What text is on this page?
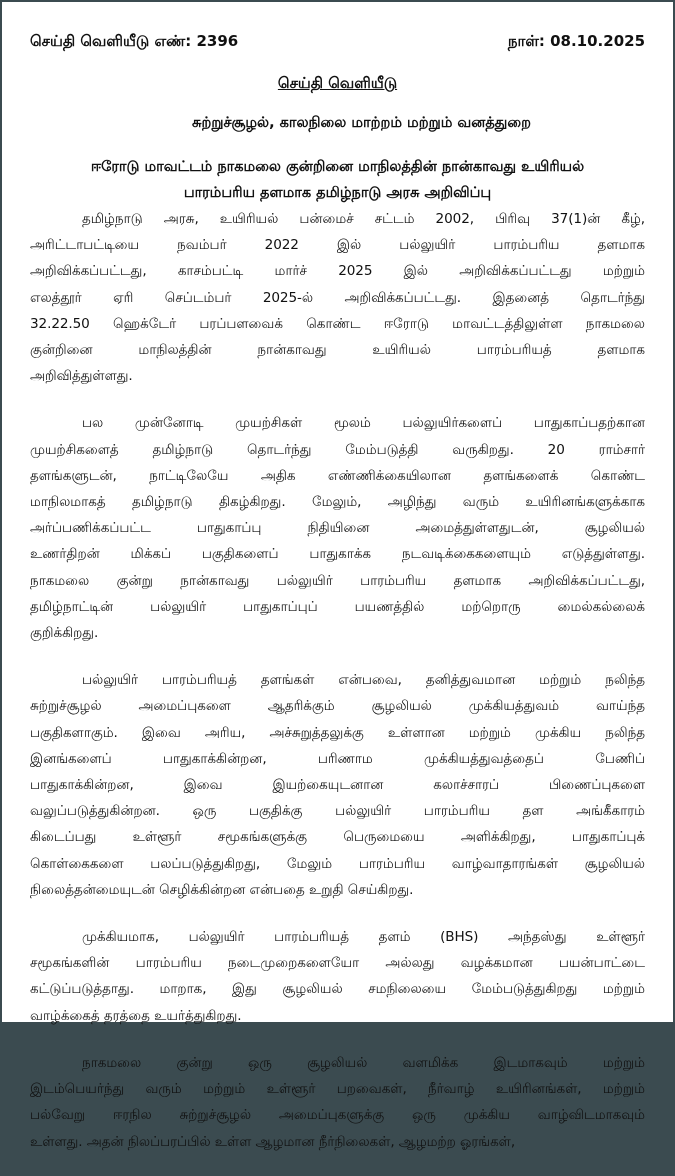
செய்தி வெளியீடு எண்: 2396	நாள்: 08.10.2025
செய்தி வெளியீடு
சுற்றுச்சூழல், காலநிலை மாற்றம் மற்றும் வனத்துறை
ஈரோடு மாவட்டம் நாகமலை குன்றினை மாநிலத்தின் நான்காவது உயிரியல்
பாரம்பரிய தளமாக தமிழ்நாடு அரசு அறிவிப்பு
தமிழ்நாடு அரசு, உயிரியல் பன்மைச் சட்டம் 2002, பிரிவு 37(1)ன் கீழ்,
அரிட்டாபட்டியை நவம்பர் 2022 இல் பல்லுயிர் பாரம்பரிய தளமாக
அறிவிக்கப்பட்டது, காசம்பட்டி மார்ச் 2025 இல் அறிவிக்கப்பட்டது மற்றும்
எலத்தூர் ஏரி செப்டம்பர் 2025-ல் அறிவிக்கப்பட்டது. இதனைத் தொடர்ந்து
32.22.50 ஹெக்டேர் பரப்பளவைக் கொண்ட ஈரோடு மாவட்டத்திலுள்ள நாகமலை
குன்றினை மாநிலத்தின் நான்காவது உயிரியல் பாரம்பரியத் தளமாக
அறிவித்துள்ளது.
பல முன்னோடி முயற்சிகள் மூலம் பல்லுயிர்களைப் பாதுகாப்பதற்கான
முயற்சிகளைத் தமிழ்நாடு தொடர்ந்து மேம்படுத்தி வருகிறது. 20 ராம்சார்
தளங்களுடன், நாட்டிலேயே அதிக எண்ணிக்கையிலான தளங்களைக் கொண்ட
மாநிலமாகத் தமிழ்நாடு திகழ்கிறது. மேலும், அழிந்து வரும் உயிரினங்களுக்காக
அர்ப்பணிக்கப்பட்ட பாதுகாப்பு நிதியினை அமைத்துள்ளதுடன், சூழலியல்
உணர்திறன் மிக்கப் பகுதிகளைப் பாதுகாக்க நடவடிக்கைகளையும் எடுத்துள்ளது.
நாகமலை குன்று நான்காவது பல்லுயிர் பாரம்பரிய தளமாக அறிவிக்கப்பட்டது,
தமிழ்நாட்டின் பல்லுயிர் பாதுகாப்புப் பயணத்தில் மற்றொரு மைல்கல்லைக்
குறிக்கிறது.
பல்லுயிர் பாரம்பரியத் தளங்கள் என்பவை, தனித்துவமான மற்றும் நலிந்த
சுற்றுச்சூழல் அமைப்புகளை ஆதரிக்கும் சூழலியல் முக்கியத்துவம் வாய்ந்த
பகுதிகளாகும். இவை அரிய, அச்சுறுத்தலுக்கு உள்ளான மற்றும் முக்கிய நலிந்த
இனங்களைப் பாதுகாக்கின்றன, பரிணாம முக்கியத்துவத்தைப் பேணிப்
பாதுகாக்கின்றன, இவை இயற்கையுடனான கலாச்சாரப் பிணைப்புகளை
வலுப்படுத்துகின்றன. ஒரு பகுதிக்கு பல்லுயிர் பாரம்பரிய தள அங்கீகாரம்
கிடைப்பது உள்ளூர் சமூகங்களுக்கு பெருமையை அளிக்கிறது, பாதுகாப்புக்
கொள்கைகளை பலப்படுத்துகிறது, மேலும் பாரம்பரிய வாழ்வாதாரங்கள் சூழலியல்
நிலைத்தன்மையுடன் செழிக்கின்றன என்பதை உறுதி செய்கிறது.
முக்கியமாக, பல்லுயிர் பாரம்பரியத் தளம் (BHS) அந்தஸ்து உள்ளூர்
சமூகங்களின் பாரம்பரிய நடைமுறைகளையோ அல்லது வழக்கமான பயன்பாட்டை
கட்டுப்படுத்தாது. மாறாக, இது சூழலியல் சமநிலையை மேம்படுத்துகிறது மற்றும்
வாழ்க்கைத் தரத்தை உயர்த்துகிறது.
நாகமலை குன்று ஒரு சூழலியல் வளமிக்க இடமாகவும் மற்றும்
இடம்பெயர்ந்து வரும் மற்றும் உள்ளூர் பறவைகள், நீர்வாழ் உயிரினங்கள், மற்றும்
பல்வேறு ஈரநில சுற்றுச்சூழல் அமைப்புகளுக்கு ஒரு முக்கிய வாழ்விடமாகவும்
உள்ளது. அதன் நிலப்பரப்பில் உள்ள ஆழமான நீர்நிலைகள், ஆழமற்ற ஓரங்கள்,
